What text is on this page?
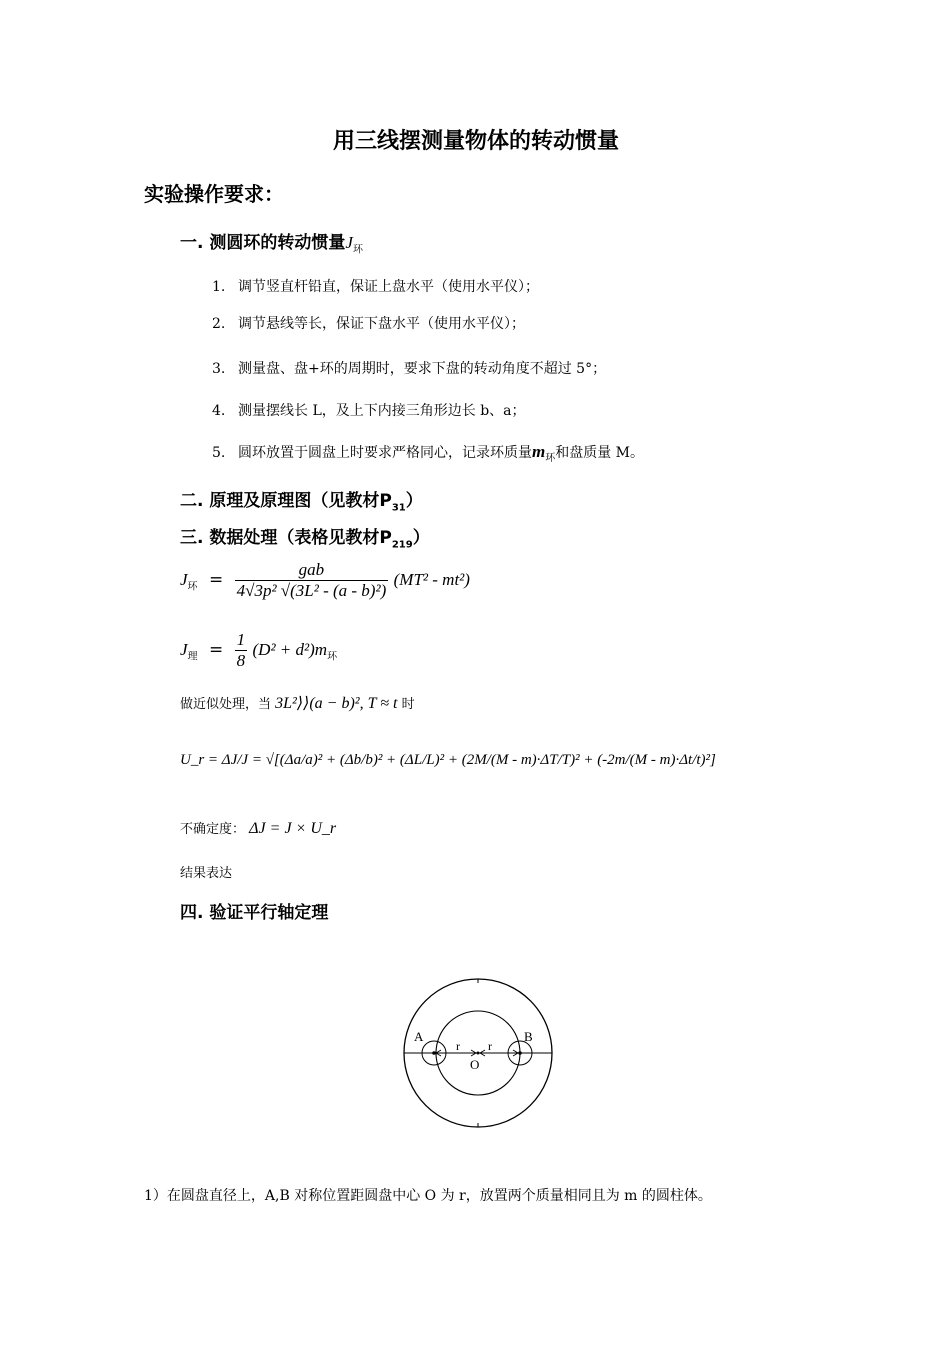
用三线摆测量物体的转动惯量
实验操作要求：
一. 测圆环的转动惯量$J_环$
1. 调节竖直杆铅直，保证上盘水平（使用水平仪）；
2. 调节悬线等长，保证下盘水平（使用水平仪）；
3. 测量盘、盘+环的周期时，要求下盘的转动角度不超过 5°；
4. 测量摆线长 L，及上下内接三角形边长 b、a；
5. 圆环放置于圆盘上时要求严格同心，记录环质量$m_环$和盘质量 M。
二. 原理及原理图（见教材$P_{31}$）
三. 数据处理（表格见教材$P_{219}$）
$J_环 = \frac{\text{gab}}{\text{4√3p² √(3L² - (a - b)²)}} (MT^2 - mt^2)$
$J_理 = \frac{1}{8} (D^2 + d^2)m_环$
做近似处理，当 3L²⟩⟩(a − b)², T ≈ t 时
U_r = ΔJ/J = √[(Δa/a)² + (Δb/b)² + (ΔL/L)² + (2M/(M - m)·ΔT/T)² + (-2m/(M - m)·Δt/t)²]
不确定度： ΔJ = J × U_r
结果表达
四. 验证平行轴定理
A	B
O
r r
1）在圆盘直径上，A,B 对称位置距圆盘中心 O 为 r，放置两个质量相同且为 m 的圆柱体。
